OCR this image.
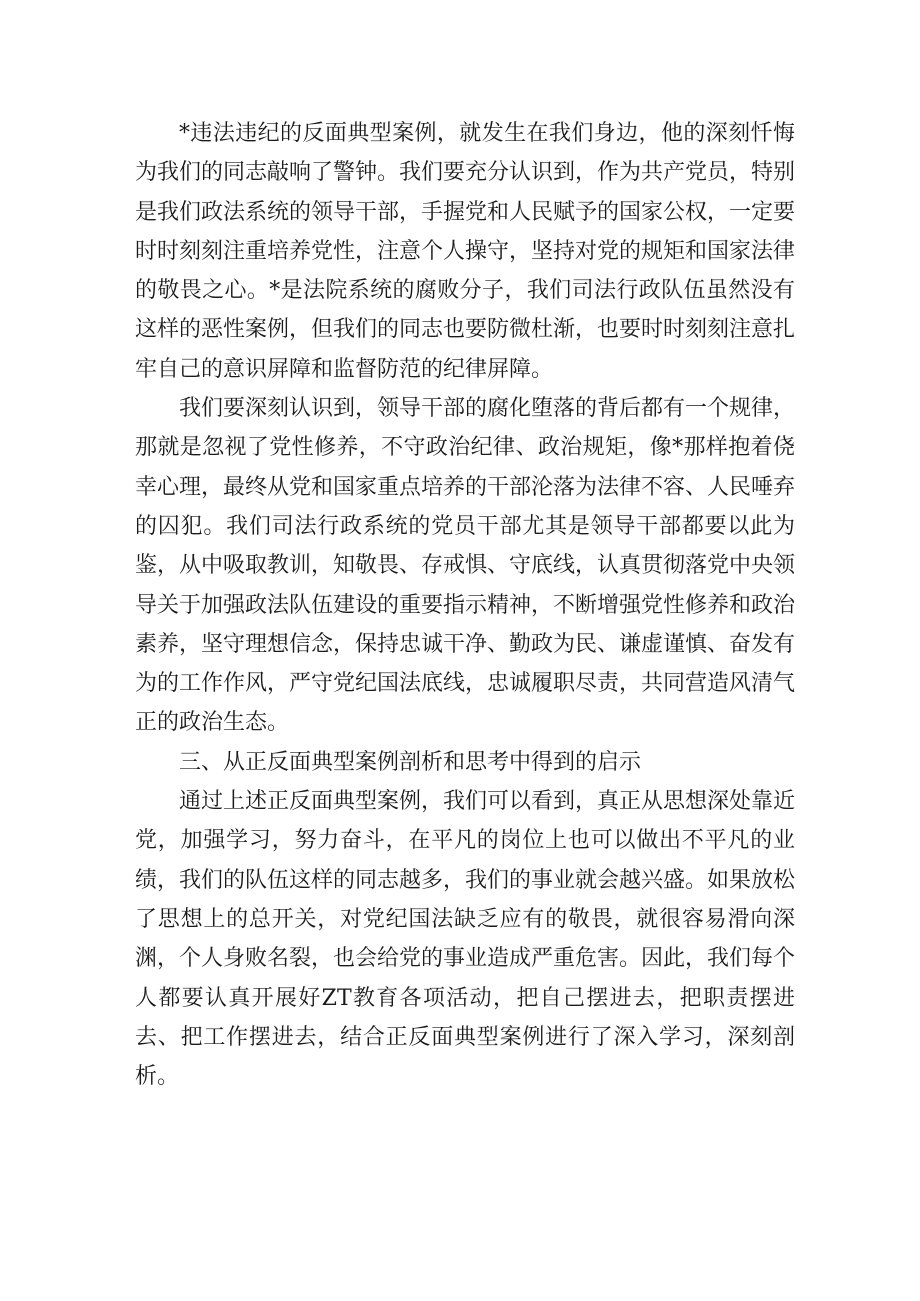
*违法违纪的反面典型案例，就发生在我们身边，他的深刻忏悔为我们的同志敲响了警钟。我们要充分认识到，作为共产党员，特别是我们政法系统的领导干部，手握党和人民赋予的国家公权，一定要时时刻刻注重培养党性，注意个人操守，坚持对党的规矩和国家法律的敬畏之心。*是法院系统的腐败分子，我们司法行政队伍虽然没有这样的恶性案例，但我们的同志也要防微杜渐，也要时时刻刻注意扎牢自己的意识屏障和监督防范的纪律屏障。

我们要深刻认识到，领导干部的腐化堕落的背后都有一个规律，那就是忽视了党性修养，不守政治纪律、政治规矩，像*那样抱着侥幸心理，最终从党和国家重点培养的干部沦落为法律不容、人民唾弃的囚犯。我们司法行政系统的党员干部尤其是领导干部都要以此为鉴，从中吸取教训，知敬畏、存戒惧、守底线，认真贯彻落党中央领导关于加强政法队伍建设的重要指示精神，不断增强党性修养和政治素养，坚守理想信念，保持忠诚干净、勤政为民、谦虚谨慎、奋发有为的工作作风，严守党纪国法底线，忠诚履职尽责，共同营造风清气正的政治生态。

三、从正反面典型案例剖析和思考中得到的启示

通过上述正反面典型案例，我们可以看到，真正从思想深处靠近党，加强学习，努力奋斗，在平凡的岗位上也可以做出不平凡的业绩，我们的队伍这样的同志越多，我们的事业就会越兴盛。如果放松了思想上的总开关，对党纪国法缺乏应有的敬畏，就很容易滑向深渊，个人身败名裂，也会给党的事业造成严重危害。因此，我们每个人都要认真开展好ZT教育各项活动，把自己摆进去，把职责摆进去、把工作摆进去，结合正反面典型案例进行了深入学习，深刻剖析。
